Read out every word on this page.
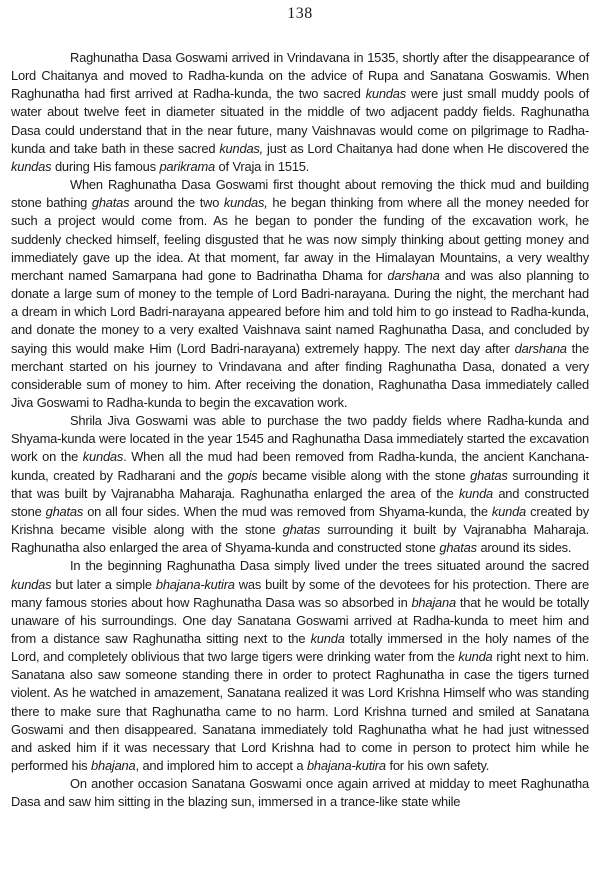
138

Raghunatha Dasa Goswami arrived in Vrindavana in 1535, shortly after the disappearance of Lord Chaitanya and moved to Radha-kunda on the advice of Rupa and Sanatana Goswamis. When Raghunatha had first arrived at Radha-kunda, the two sacred kundas were just small muddy pools of water about twelve feet in diameter situated in the middle of two adjacent paddy fields. Raghunatha Dasa could understand that in the near future, many Vaishnavas would come on pilgrimage to Radha-kunda and take bath in these sacred kundas, just as Lord Chaitanya had done when He discovered the kundas during His famous parikrama of Vraja in 1515.

When Raghunatha Dasa Goswami first thought about removing the thick mud and building stone bathing ghatas around the two kundas, he began thinking from where all the money needed for such a project would come from. As he began to ponder the funding of the excavation work, he suddenly checked himself, feeling disgusted that he was now simply thinking about getting money and immediately gave up the idea. At that moment, far away in the Himalayan Mountains, a very wealthy merchant named Samarpana had gone to Badrinatha Dhama for darshana and was also planning to donate a large sum of money to the temple of Lord Badri-narayana. During the night, the merchant had a dream in which Lord Badri-narayana appeared before him and told him to go instead to Radha-kunda, and donate the money to a very exalted Vaishnava saint named Raghunatha Dasa, and concluded by saying this would make Him (Lord Badri-narayana) extremely happy. The next day after darshana the merchant started on his journey to Vrindavana and after finding Raghunatha Dasa, donated a very considerable sum of money to him. After receiving the donation, Raghunatha Dasa immediately called Jiva Goswami to Radha-kunda to begin the excavation work.

Shrila Jiva Goswami was able to purchase the two paddy fields where Radha-kunda and Shyama-kunda were located in the year 1545 and Raghunatha Dasa immediately started the excavation work on the kundas. When all the mud had been removed from Radha-kunda, the ancient Kanchana-kunda, created by Radharani and the gopis became visible along with the stone ghatas surrounding it that was built by Vajranabha Maharaja. Raghunatha enlarged the area of the kunda and constructed stone ghatas on all four sides. When the mud was removed from Shyama-kunda, the kunda created by Krishna became visible along with the stone ghatas surrounding it built by Vajranabha Maharaja. Raghunatha also enlarged the area of Shyama-kunda and constructed stone ghatas around its sides.

In the beginning Raghunatha Dasa simply lived under the trees situated around the sacred kundas but later a simple bhajana-kutira was built by some of the devotees for his protection. There are many famous stories about how Raghunatha Dasa was so absorbed in bhajana that he would be totally unaware of his surroundings. One day Sanatana Goswami arrived at Radha-kunda to meet him and from a distance saw Raghunatha sitting next to the kunda totally immersed in the holy names of the Lord, and completely oblivious that two large tigers were drinking water from the kunda right next to him. Sanatana also saw someone standing there in order to protect Raghunatha in case the tigers turned violent. As he watched in amazement, Sanatana realized it was Lord Krishna Himself who was standing there to make sure that Raghunatha came to no harm. Lord Krishna turned and smiled at Sanatana Goswami and then disappeared. Sanatana immediately told Raghunatha what he had just witnessed and asked him if it was necessary that Lord Krishna had to come in person to protect him while he performed his bhajana, and implored him to accept a bhajana-kutira for his own safety.

On another occasion Sanatana Goswami once again arrived at midday to meet Raghunatha Dasa and saw him sitting in the blazing sun, immersed in a trance-like state while
